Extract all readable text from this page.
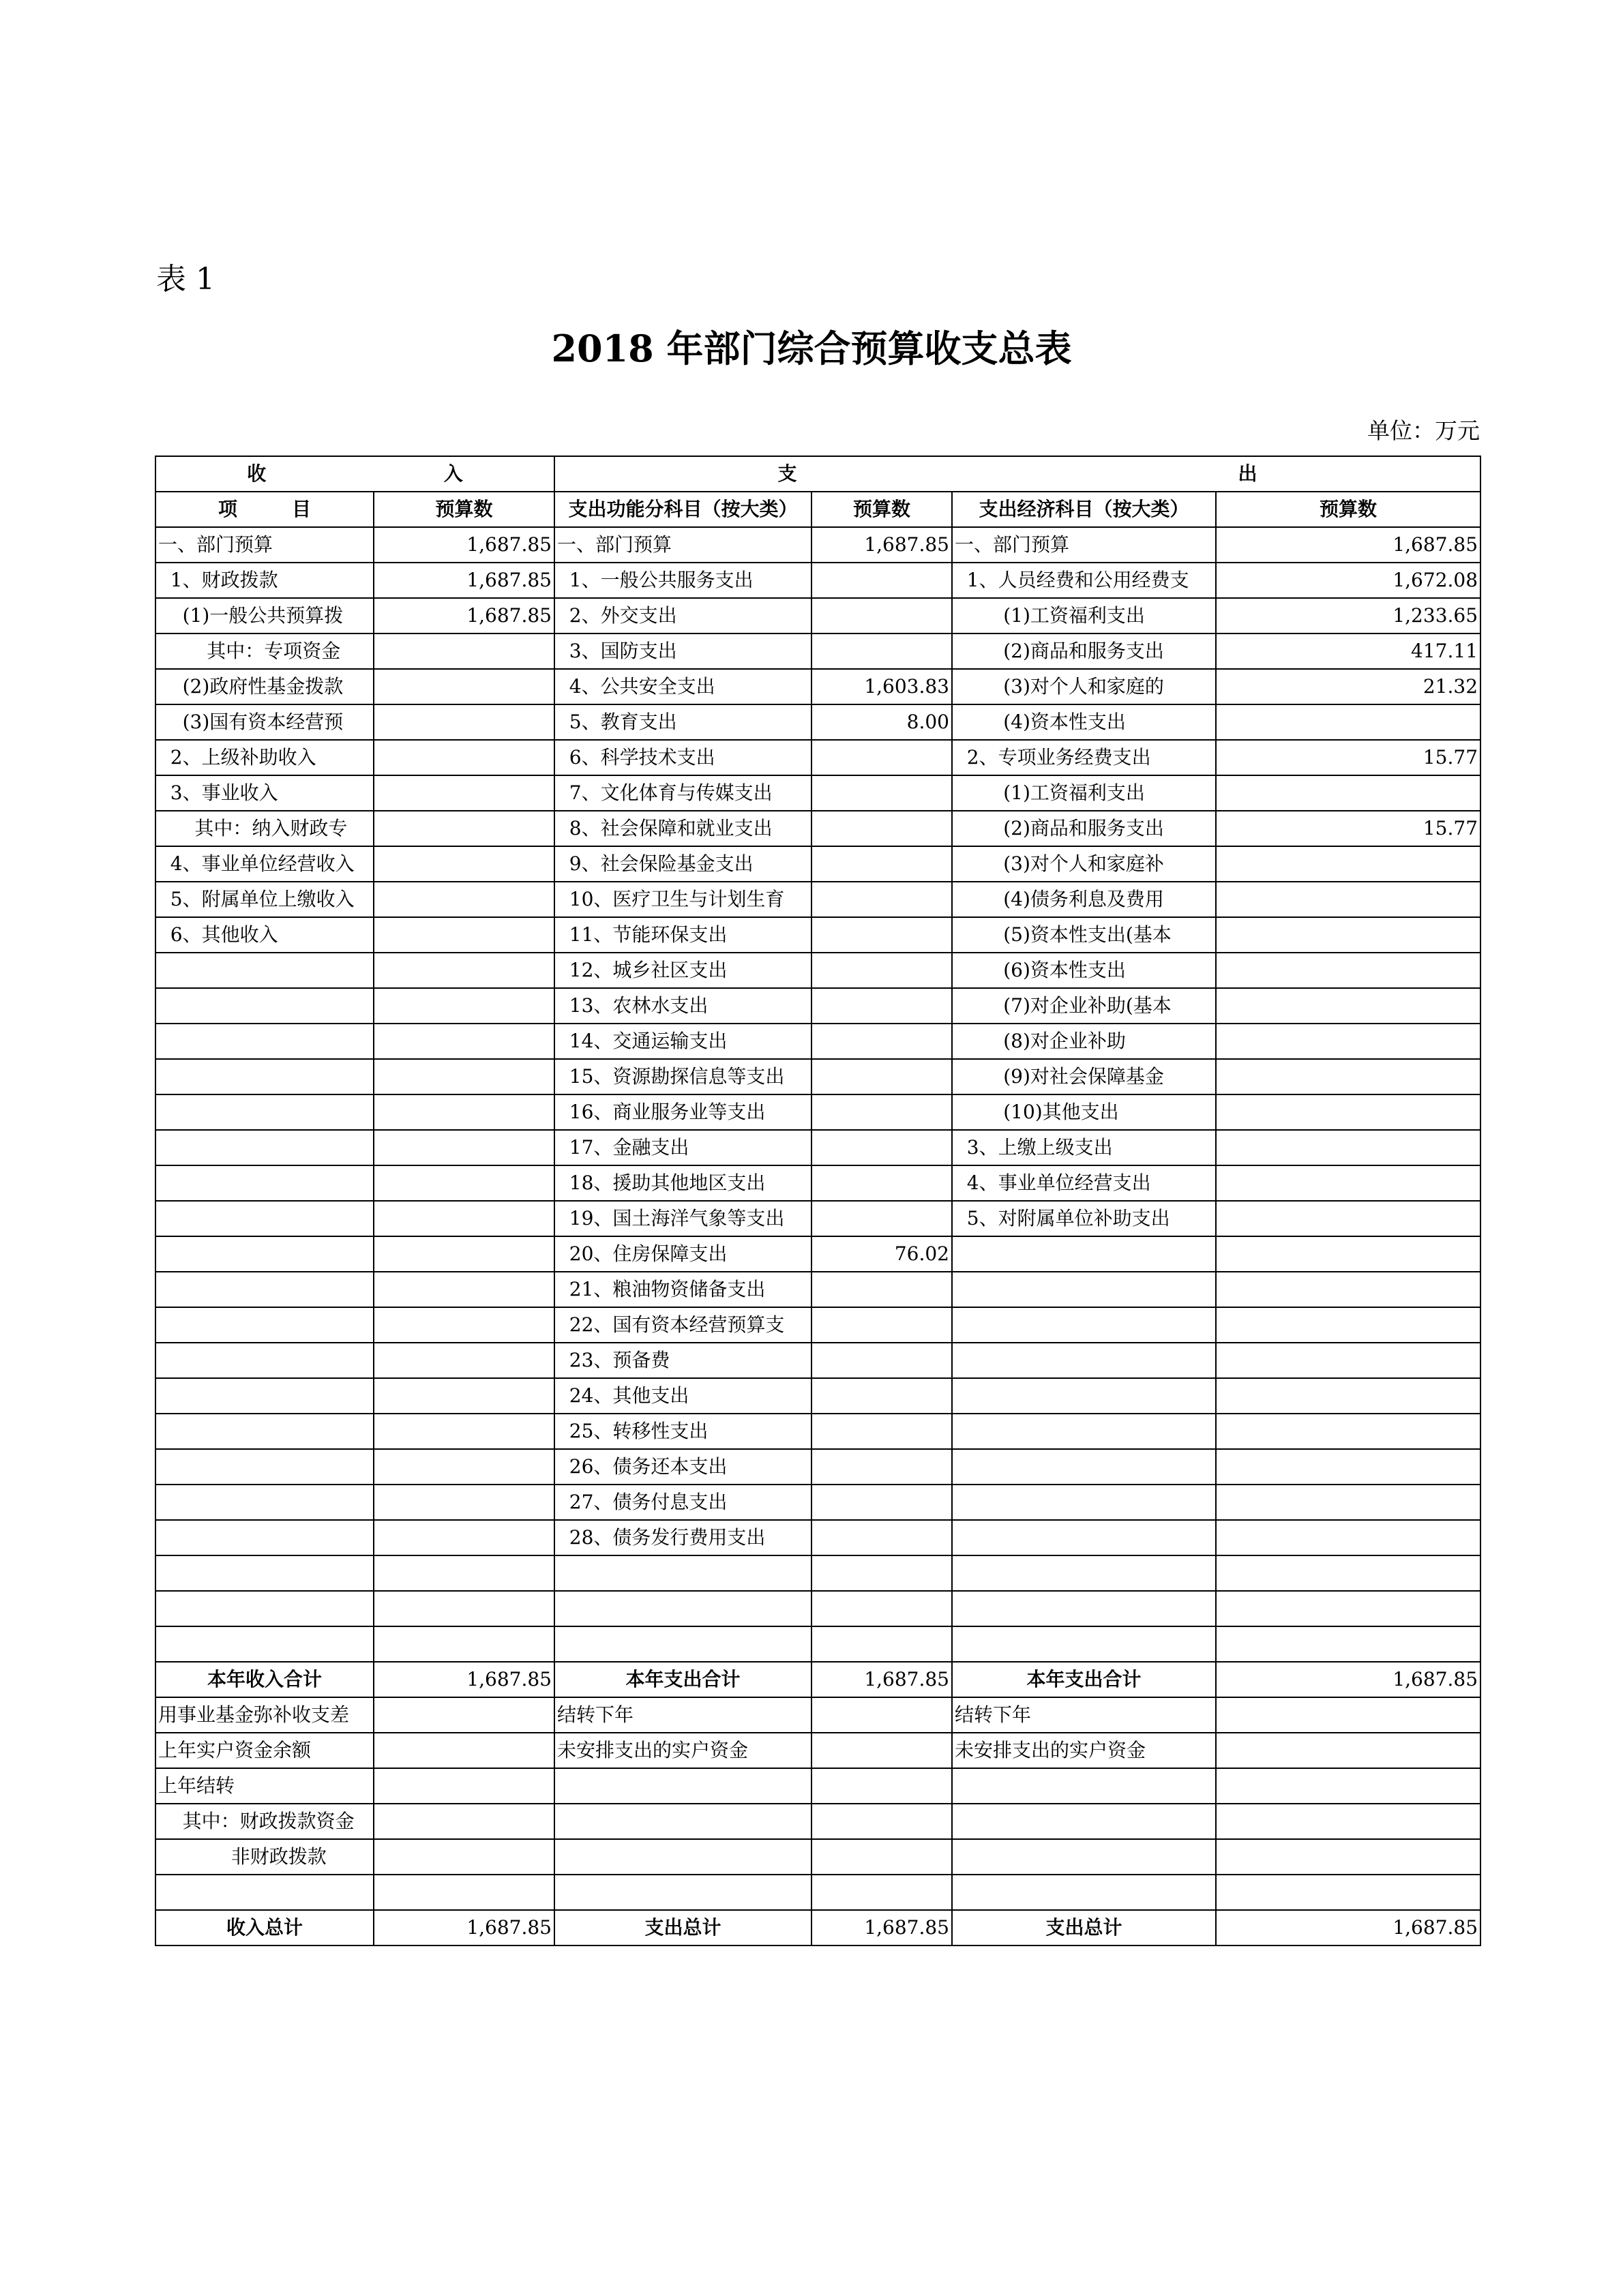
表 1
2018 年部门综合预算收支总表
单位：万元
收 入		支 出			

项 目	预算数	支出功能分科目（按大类）	预算数	支出经济科目（按大类）	预算数
一、部门预算	1,687.85	一、部门预算	1,687.85	一、部门预算	1,687.85
1、财政拨款	1,687.85	1、一般公共服务支出		1、人员经费和公用经费支	1,672.08
(1)一般公共预算拨	1,687.85	2、外交支出		(1)工资福利支出	1,233.65
其中：专项资金		3、国防支出		(2)商品和服务支出	417.11
(2)政府性基金拨款		4、公共安全支出	1,603.83	(3)对个人和家庭的	21.32
(3)国有资本经营预		5、教育支出	8.00	(4)资本性支出	
2、上级补助收入		6、科学技术支出		2、专项业务经费支出	15.77
3、事业收入		7、文化体育与传媒支出		(1)工资福利支出	
其中：纳入财政专		8、社会保障和就业支出		(2)商品和服务支出	15.77
4、事业单位经营收入		9、社会保险基金支出		(3)对个人和家庭补	
5、附属单位上缴收入		10、医疗卫生与计划生育		(4)债务利息及费用	
6、其他收入		11、节能环保支出		(5)资本性支出(基本	
		12、城乡社区支出		(6)资本性支出	
		13、农林水支出		(7)对企业补助(基本	
		14、交通运输支出		(8)对企业补助	
		15、资源勘探信息等支出		(9)对社会保障基金	
		16、商业服务业等支出		(10)其他支出	
		17、金融支出		3、上缴上级支出	
		18、援助其他地区支出		4、事业单位经营支出	
		19、国土海洋气象等支出		5、对附属单位补助支出	
		20、住房保障支出	76.02		
		21、粮油物资储备支出			
		22、国有资本经营预算支			
		23、预备费			
		24、其他支出			
		25、转移性支出			
		26、债务还本支出			
		27、债务付息支出			
		28、债务发行费用支出			

本年收入合计	1,687.85	本年支出合计	1,687.85	本年支出合计	1,687.85
用事业基金弥补收支差		结转下年		结转下年	
上年实户资金余额		未安排支出的实户资金		未安排支出的实户资金	
上年结转					
其中：财政拨款资金					
非财政拨款					

收入总计	1,687.85	支出总计	1,687.85	支出总计	1,687.85
